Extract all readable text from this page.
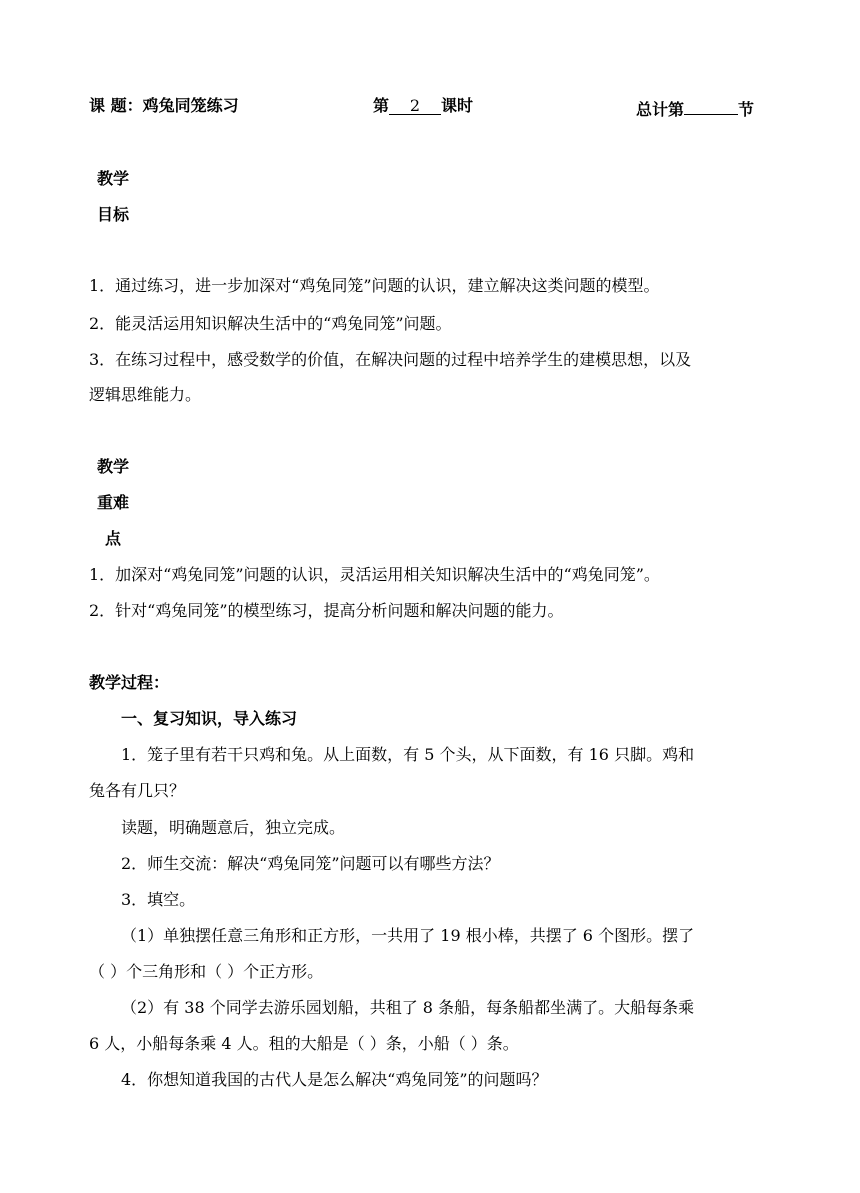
课 题：鸡兔同笼练习	第 2 课时	总计第	节
教学
目标
1．通过练习，进一步加深对“鸡兔同笼”问题的认识，建立解决这类问题的模型。
2．能灵活运用知识解决生活中的“鸡兔同笼”问题。
3．在练习过程中，感受数学的价值，在解决问题的过程中培养学生的建模思想，以及
逻辑思维能力。
教学
重难
点
1．加深对“鸡兔同笼”问题的认识，灵活运用相关知识解决生活中的“鸡兔同笼”。
2．针对“鸡兔同笼”的模型练习，提高分析问题和解决问题的能力。
教学过程：
一、复习知识，导入练习
1．笼子里有若干只鸡和兔。从上面数，有 5 个头，从下面数，有 16 只脚。鸡和
兔各有几只？
读题，明确题意后，独立完成。
2．师生交流：解决“鸡兔同笼”问题可以有哪些方法？
3．填空。
（1）单独摆任意三角形和正方形，一共用了 19 根小棒，共摆了 6 个图形。摆了
（ ）个三角形和（ ）个正方形。
（2）有 38 个同学去游乐园划船，共租了 8 条船，每条船都坐满了。大船每条乘
6 人，小船每条乘 4 人。租的大船是（ ）条，小船（ ）条。
4．你想知道我国的古代人是怎么解决“鸡兔同笼”的问题吗？
